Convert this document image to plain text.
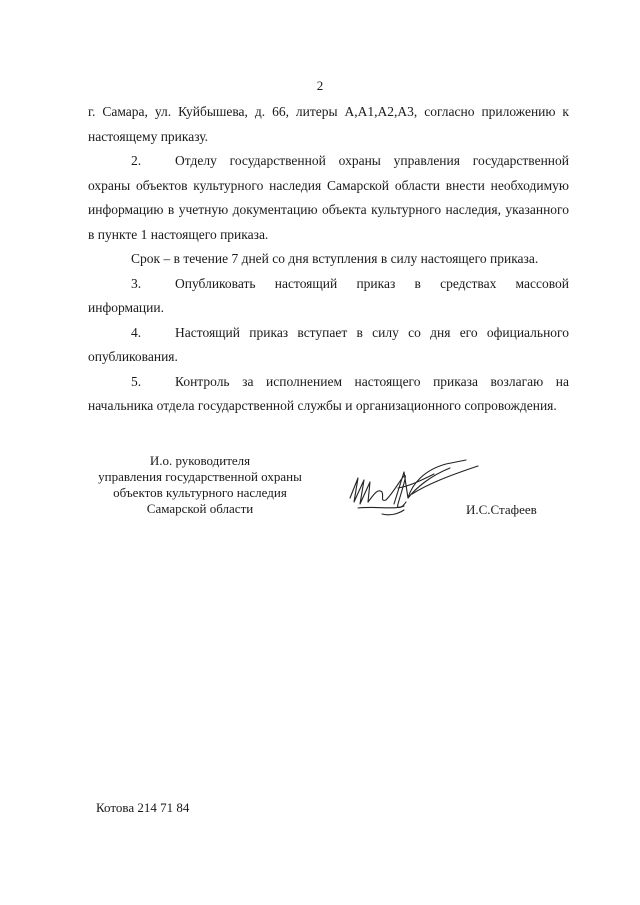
2

г. Самара, ул. Куйбышева, д. 66, литеры А,А1,А2,А3, согласно приложению к настоящему приказу.

2.	Отделу государственной охраны управления государственной охраны объектов культурного наследия Самарской области внести необходимую информацию в учетную документацию объекта культурного наследия, указанного в пункте 1 настоящего приказа.

Срок – в течение 7 дней со дня вступления в силу настоящего приказа.

3.	Опубликовать настоящий приказ в средствах массовой информации.

4.	Настоящий приказ вступает в силу со дня его официального опубликования.

5.	Контроль за исполнением настоящего приказа возлагаю на начальника отдела государственной службы и организационного сопровождения.

И.о. руководителя
управления государственной охраны
объектов культурного наследия
Самарской области	И.С.Стафеев
Котова 214 71 84
